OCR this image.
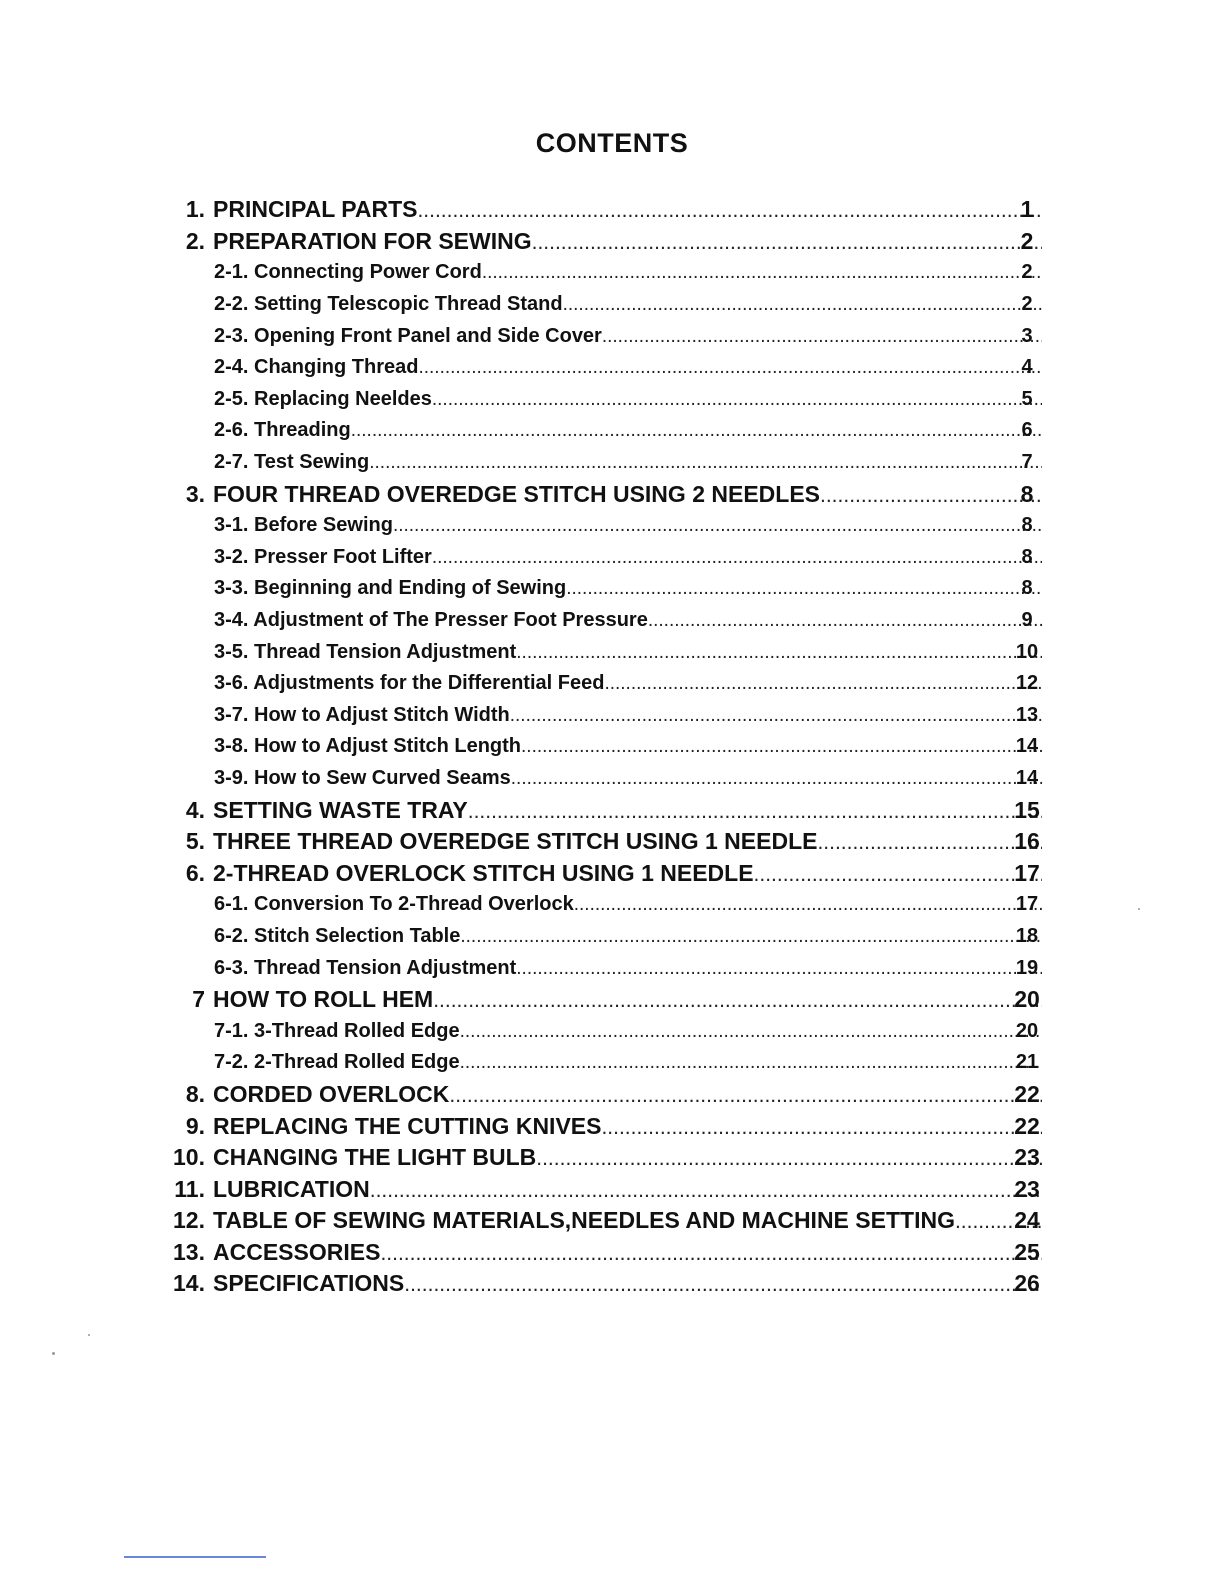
CONTENTS
1. PRINCIPAL PARTS .....	1
2. PREPARATION FOR SEWING .....	2
2-1. Connecting Power Cord .....	2
2-2. Setting Telescopic Thread Stand .....	2
2-3. Opening Front Panel and Side Cover .....	3
2-4. Changing Thread .....	4
2-5. Replacing Neeldes .....	5
2-6. Threading .....	6
2-7. Test Sewing .....	7
3. FOUR THREAD OVEREDGE STITCH USING 2 NEEDLES .....	8
3-1. Before Sewing .....	8
3-2. Presser Foot Lifter .....	8
3-3. Beginning and Ending of Sewing .....	8
3-4. Adjustment of The Presser Foot Pressure .....	9
3-5. Thread Tension Adjustment .....	10
3-6. Adjustments for the Differential Feed .....	12
3-7. How to Adjust Stitch Width .....	13
3-8. How to Adjust Stitch Length .....	14
3-9. How to Sew Curved Seams .....	14
4. SETTING WASTE TRAY .....	15
5. THREE THREAD OVEREDGE STITCH USING 1 NEEDLE .....	16
6. 2-THREAD OVERLOCK STITCH USING 1 NEEDLE .....	17
6-1. Conversion To 2-Thread Overlock .....	17
6-2. Stitch Selection Table .....	18
6-3. Thread Tension Adjustment .....	19
7 HOW TO ROLL HEM .....	20
7-1. 3-Thread Rolled Edge .....	20
7-2. 2-Thread Rolled Edge .....	21
8. CORDED OVERLOCK .....	22
9. REPLACING THE CUTTING KNIVES .....	22
10. CHANGING THE LIGHT BULB .....	23
11. LUBRICATION .....	23
12. TABLE OF SEWING MATERIALS,NEEDLES AND MACHINE SETTING .....	24
13. ACCESSORIES .....	25
14. SPECIFICATIONS .....	26
